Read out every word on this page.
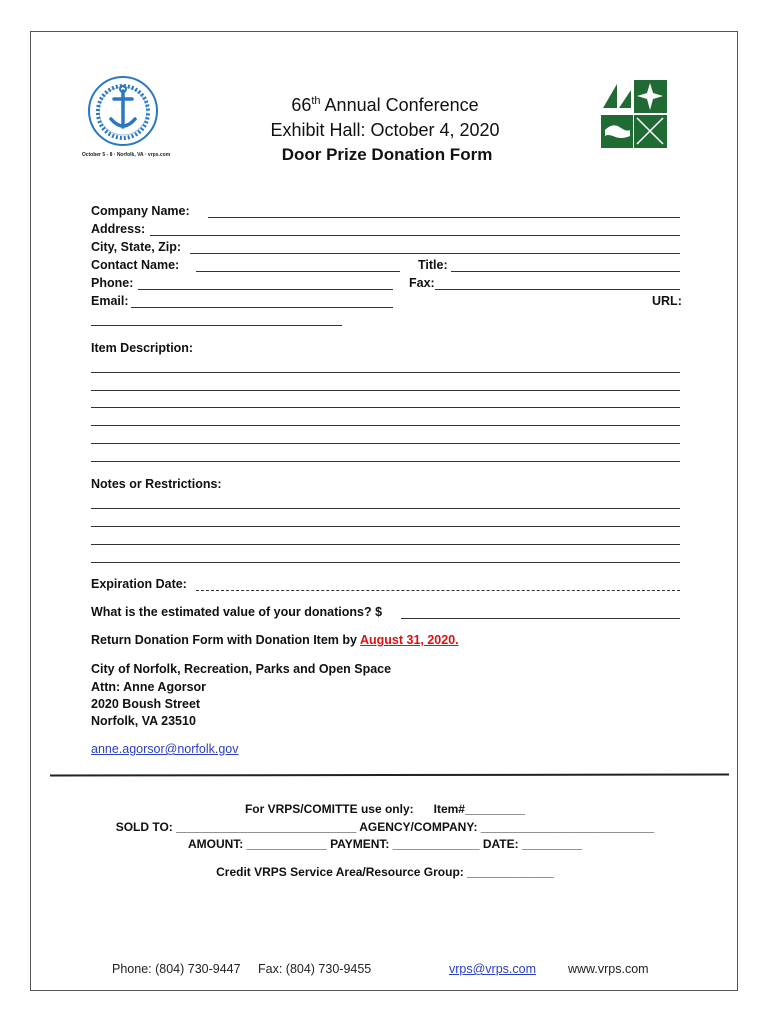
October 5 - 8 · Norfolk, VA · vrps.com
66th Annual Conference
Exhibit Hall: October 4, 2020
Door Prize Donation Form
Company Name:
Address:
City, State, Zip:
Contact Name:	Title:
Phone:	Fax:
Email:	URL:
Item Description:
Notes or Restrictions:
Expiration Date:
What is the estimated value of your donations? $
Return Donation Form with Donation Item by August 31, 2020.
City of Norfolk, Recreation, Parks and Open Space
Attn: Anne Agorsor
2020 Boush Street
Norfolk, VA 23510
anne.agorsor@norfolk.gov
For VRPS/COMITTE use only: Item#_________
SOLD TO: ___________________________ AGENCY/COMPANY: __________________________
AMOUNT: ____________ PAYMENT: _____________ DATE: _________
Credit VRPS Service Area/Resource Group: _____________
Phone: (804) 730-9447 Fax: (804) 730-9455	vrps@vrps.com	www.vrps.com
